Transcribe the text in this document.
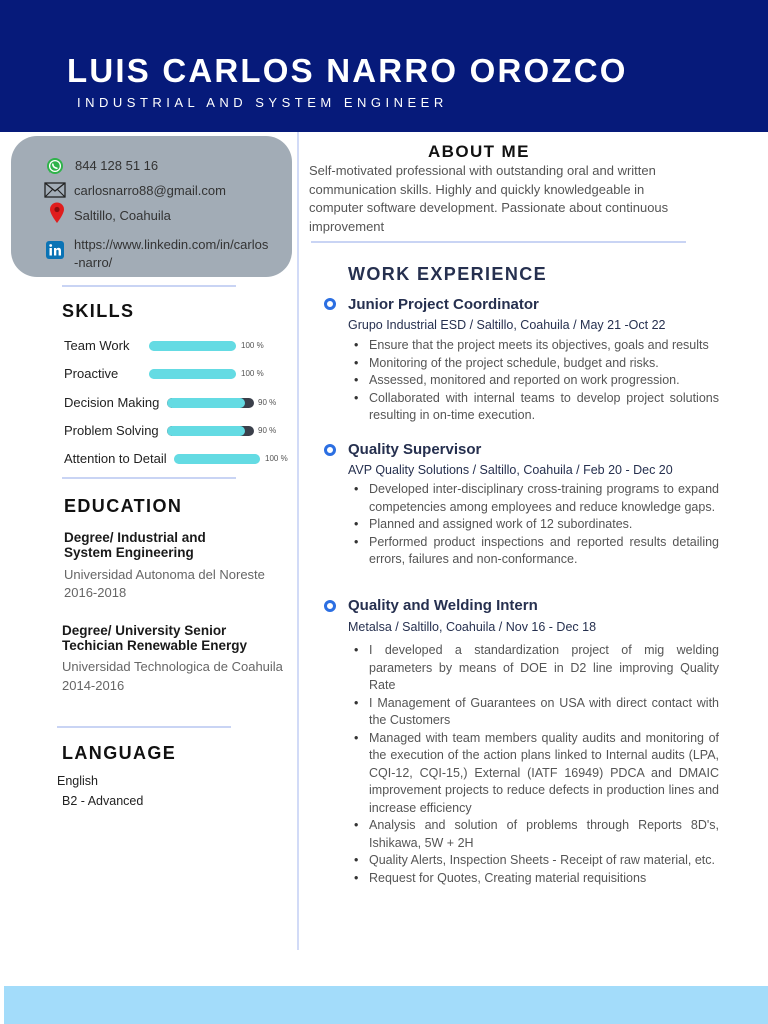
LUIS CARLOS NARRO OROZCO
INDUSTRIAL AND SYSTEM ENGINEER
844 128 51 16
carlosnarro88@gmail.com
Saltillo, Coahuila
https://www.linkedin.com/in/carlos
-narro/
SKILLS
Team Work	100 %
Proactive	100 %
Decision Making	90 %
Problem Solving	90 %
Attention to Detail	100 %
EDUCATION
Degree/ Industrial and
System Engineering
Universidad Autonoma del Noreste
2016-2018
Degree/ University Senior
Techician Renewable Energy
Universidad Technologica de Coahuila
2014-2016
LANGUAGE
English
B2 - Advanced
ABOUT ME
Self-motivated professional with outstanding oral and written communication skills. Highly and quickly knowledgeable in computer software development. Passionate about continuous improvement
WORK EXPERIENCE
Junior Project Coordinator
Grupo Industrial ESD / Saltillo, Coahuila / May 21 -Oct 22
• Ensure that the project meets its objectives, goals and results
• Monitoring of the project schedule, budget and risks.
• Assessed, monitored and reported on work progression.
• Collaborated with internal teams to develop project solutions resulting in on-time execution.
Quality Supervisor
AVP Quality Solutions / Saltillo, Coahuila / Feb 20 - Dec 20
• Developed inter-disciplinary cross-training programs to expand competencies among employees and reduce knowledge gaps.
• Planned and assigned work of 12 subordinates.
• Performed product inspections and reported results detailing errors, failures and non-conformance.
Quality and Welding Intern
Metalsa / Saltillo, Coahuila / Nov 16 - Dec 18
• I developed a standardization project of mig welding parameters by means of DOE in D2 line improving Quality Rate
• I Management of Guarantees on USA with direct contact with the Customers
• Managed with team members quality audits and monitoring of the execution of the action plans linked to Internal audits (LPA, CQI-12, CQI-15,) External (IATF 16949) PDCA and DMAIC improvement projects to reduce defects in production lines and increase efficiency
• Analysis and solution of problems through Reports 8D's, Ishikawa, 5W + 2H
• Quality Alerts, Inspection Sheets - Receipt of raw material, etc.
• Request for Quotes, Creating material requisitions
